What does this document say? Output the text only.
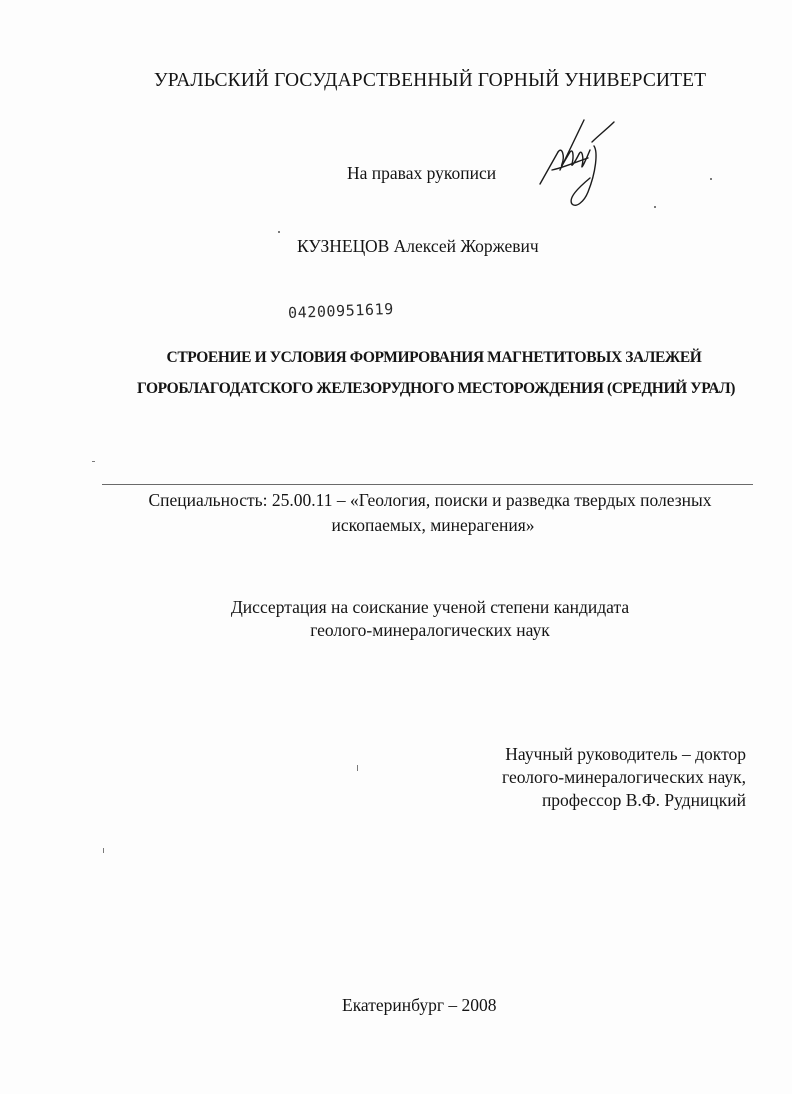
УРАЛЬСКИЙ ГОСУДАРСТВЕННЫЙ ГОРНЫЙ УНИВЕРСИТЕТ
На правах рукописи
КУЗНЕЦОВ Алексей Жоржевич
04200951619
СТРОЕНИЕ И УСЛОВИЯ ФОРМИРОВАНИЯ МАГНЕТИТОВЫХ ЗАЛЕЖЕЙ
ГОРОБЛАГОДАТСКОГО ЖЕЛЕЗОРУДНОГО МЕСТОРОЖДЕНИЯ (СРЕДНИЙ УРАЛ)
Специальность: 25.00.11 – «Геология, поиски и разведка твердых полезных
ископаемых, минерагения»
Диссертация на соискание ученой степени кандидата
геолого-минералогических наук
Научный руководитель – доктор
геолого-минералогических наук,
профессор В.Ф. Рудницкий
Екатеринбург – 2008
